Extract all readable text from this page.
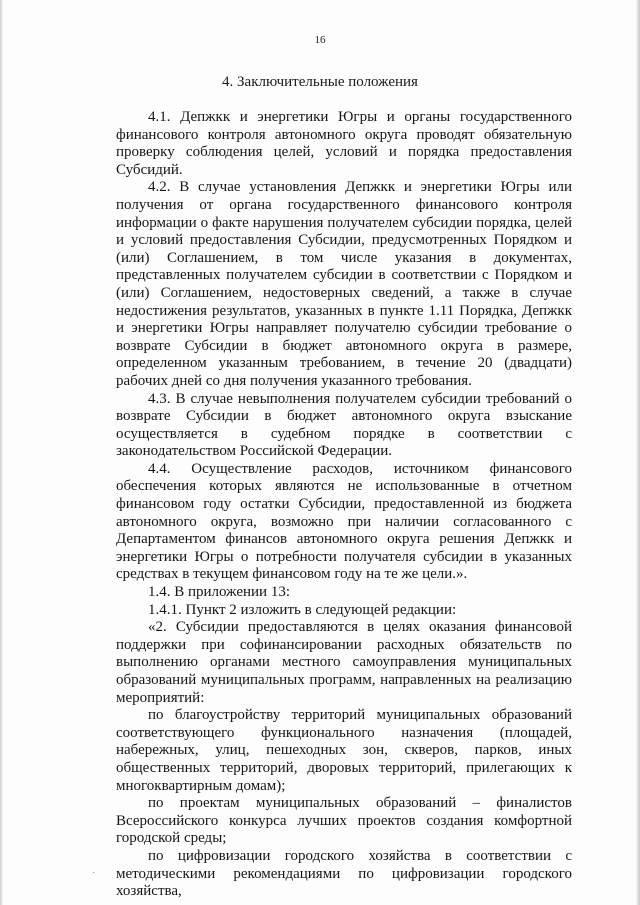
16
4. Заключительные положения

4.1. Депжкк и энергетики Югры и органы государственного финансового контроля автономного округа проводят обязательную проверку соблюдения целей, условий и порядка предоставления Субсидий.

4.2. В случае установления Депжкк и энергетики Югры или получения от органа государственного финансового контроля информации о факте нарушения получателем субсидии порядка, целей и условий предоставления Субсидии, предусмотренных Порядком и (или) Соглашением, в том числе указания в документах, представленных получателем субсидии в соответствии с Порядком и (или) Соглашением, недостоверных сведений, а также в случае недостижения результатов, указанных в пункте 1.11 Порядка, Депжкк и энергетики Югры направляет получателю субсидии требование о возврате Субсидии в бюджет автономного округа в размере, определенном указанным требованием, в течение 20 (двадцати) рабочих дней со дня получения указанного требования.

4.3. В случае невыполнения получателем субсидии требований о возврате Субсидии в бюджет автономного округа взыскание осуществляется в судебном порядке в соответствии с законодательством Российской Федерации.

4.4. Осуществление расходов, источником финансового обеспечения которых являются не использованные в отчетном финансовом году остатки Субсидии, предоставленной из бюджета автономного округа, возможно при наличии согласованного с Департаментом финансов автономного округа решения Депжкк и энергетики Югры о потребности получателя субсидии в указанных средствах в текущем финансовом году на те же цели.».

1.4. В приложении 13:

1.4.1. Пункт 2 изложить в следующей редакции:

«2. Субсидии предоставляются в целях оказания финансовой поддержки при софинансировании расходных обязательств по выполнению органами местного самоуправления муниципальных образований муниципальных программ, направленных на реализацию мероприятий:

по благоустройству территорий муниципальных образований соответствующего функционального назначения (площадей, набережных, улиц, пешеходных зон, скверов, парков, иных общественных территорий, дворовых территорий, прилегающих к многоквартирным домам);

по проектам муниципальных образований – финалистов Всероссийского конкурса лучших проектов создания комфортной городской среды;

по цифровизации городского хозяйства в соответствии с методическими рекомендациями по цифровизации городского хозяйства,

·
